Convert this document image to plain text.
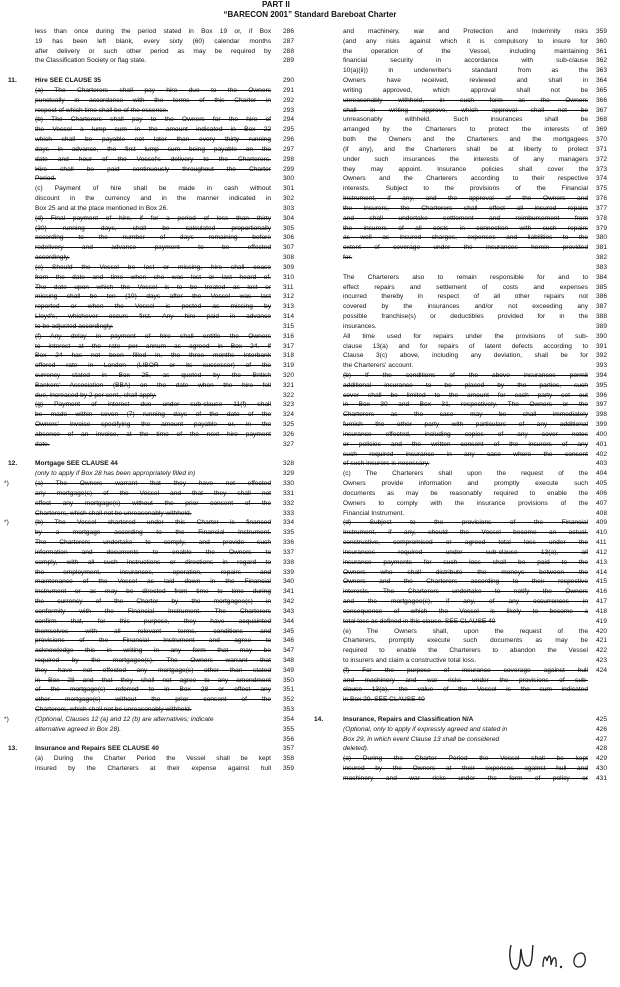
PART II
“BARECON 2001” Standard Bareboat Charter
less than once during the period stated in Box 19 or, if Box 286
19 has been left blank, every sixty (60) calendar months 287
after delivery or such other period as may be required by 288
the Classification Society or flag state.	289
11.	Hire SEE CLAUSE 35	290
(a) The Charterers shall pay hire due to the Owners 291
punctually in accordance with the terms of this Charter in 292
respect of which time shall be of the essence.	293
(b) The Charterers shall pay to the Owners for the hire of 294
the Vessel a lump sum in the amount indicated in Box 22 295
which shall be payable not later than every thirty running 296
days in advance, the first lump sum being payable on the 297
date and hour of the Vessel's delivery to the Charterers. 298
Hire shall be paid continuously throughout the Charter 299
Period.	300
(c) Payment of hire shall be made in cash without 301
discount in the currency and in the manner indicated in 302
Box 25 and at the place mentioned in Box 26.	303
(d) Final payment of hire, if for a period of less than thirty 304
(30) running days, shall be calculated proportionally 305
according to the number of days remaining before 306
redelivery and advance payment to be effected 307
accordingly.	308
(e) Should the Vessel be lost or missing, hire shall cease 309
from the date and time when she was lost or last heard of. 310
The date upon which the Vessel is to be treated as lost or 311
missing shall be ten (10) days after the Vessel was last 312
reported or when the Vessel is posted as missing by 313
Lloyd's, whichever occurs first. Any hire paid in advance 314
to be adjusted accordingly.	315
(f) Any delay in payment of hire shall entitle the Owners 316
to interest at the rate per annum as agreed in Box 24. If 317
Box 24 has not been filled in, the three months Interbank 318
offered rate in London (LIBOR or its successor) of the 319
currency stated in Box 25, as quoted by the British 320
Bankers' Association (BBA) on the date when the hire fell 321
due, increased by 2 per cent., shall apply.	322
(g) Payment of interest due under sub-clause 11(f) shall 323
be made within seven (7) running days of the date of the 324
Owners' invoice specifying the amount payable or, in the 325
absence of an invoice, at the time of the next hire payment 326
date.	327
12.	Mortgage SEE CLAUSE 44	328
(only to apply if Box 28 has been appropriately filled in)	329
*)	(a) The Owners warrant that they have not effected 330
any mortgage(s) of the Vessel and that they shall not 331
effect any mortgage(s) without the prior consent of the 332
Charterers, which shall not be unreasonably withheld.	333
*)	(b) The Vessel chartered under this Charter is financed 334
by a mortgage according to the Financial Instrument. 335
The Charterers undertake to comply, and provide such 336
information and documents to enable the Owners to 337
comply, with all such instructions or directions in regard to 338
the employment, insurances, operation, repairs and 339
maintenance of the Vessel as laid down in the Financial 340
Instrument or as may be directed from time to time during 341
the currency of the Charter by the mortgagee(s) in 342
conformity with the Financial Instrument. The Charterers 343
confirm that, for this purpose, they have acquainted 344
themselves with all relevant terms, conditions and 345
provisions of the Financial Instrument and agree to 346
acknowledge this in writing in any form that may be 347
required by the mortgagee(s). The Owners warrant that 348
they have not effected any mortgage(s) other than stated 349
in Box 28 and that they shall not agree to any amendment 350
of the mortgage(s) referred to in Box 28 or effect any 351
other mortgage(s) without the prior consent of the 352
Charterers, which shall not be unreasonably withheld.	353
*)	(Optional, Clauses 12 (a) and 12 (b) are alternatives; indicate	354
alternative agreed in Box 28).	355
356
13.	Insurance and Repairs SEE CLAUSE 40	357
(a) During the Charter Period the Vessel shall be kept 358
insured by the Charterers at their expense against hull 359
and machinery, war and Protection and Indemnity risks 359
(and any risks against which it is compulsory to insure for 360
the operation of the Vessel, including maintaining 361
financial security in accordance with sub-clause 362
10(a)(ii)) in underwriter's standard from as the 363
Owners have received, reviewed and shall in 364
writing approved, which approval shall not be 365
unreasonably withheld, in such form as the Owners 366
shall in writing approve, which approval shall not be 367
unreasonably withheld. Such insurances shall be 368
arranged by the Charterers to protect the interests of 369
both the Owners and the Charterers and the mortgagees 370
(if any), and the Charterers shall be at liberty to protect 371
under such insurances the interests of any managers 372
they may appoint. Insurance policies shall cover the 373
Owners and the Charterers according to their respective 374
interests. Subject to the provisions of the Financial 375
Instrument, if any, and the approval of the Owners and 376
the insurers, the Charterers shall effect all insured repairs 377
and shall undertake settlement and reimbursement from 378
the insurers of all costs in connection with such repairs 379
as well as insured charges, expenses and liabilities to the 380
extent of coverage under the insurances herein provided 381
for.	382
383
The Charterers also to remain responsible for and to 384
effect repairs and settlement of costs and expenses 385
incurred thereby in respect of all other repairs not 386
covered by the insurances and/or not exceeding any 387
possible franchise(s) or deductibles provided for in the 388
insurances.	389
All time used for repairs under the provisions of sub- 390
clause 13(a) and for repairs of latent defects according to 391
Clause 3(c) above, including any deviation, shall be for 392
the Charterers' account.	393
(b) If the conditions of the above insurances permit 394
additional insurance to be placed by the parties, such 395
cover shall be limited to the amount for each party set out 396
in Box 30 and Box 31, respectively. The Owners or the 397
Charterers as the case may be shall immediately 398
furnish the other party with particulars of any additional 399
insurance effected, including copies of any cover notes 400
or policies and the written consent of the insurers of any 401
such required insurance in any case where the consent 402
of such insurers is necessary.	403
(c) The Charterers shall upon the request of the 404
Owners provide information and promptly execute such 405
documents as may be reasonably required to enable the 406
Owners to comply with the insurance provisions of the 407
Financial Instrument.	408
(d) Subject to the provisions of the Financial 409
Instrument, if any, should the Vessel become an actual, 410
constructive, compromised or agreed total loss under the 411
insurances required under sub-clause 13(a), all 412
insurance payments for such loss shall be paid to the 413
Owners who shall distribute the moneys between the 414
Owners and the Charterers according to their respective 415
interests. The Charterers undertake to notify the Owners 416
and the mortgagee(s), if any, of any occurrences in 417
consequence of which the Vessel is likely to become a 418
total loss as defined in this clause. SEE CLAUSE 40	419
(e) The Owners shall, upon the request of the 420
Charterers, promptly execute such documents as may be 421
required to enable the Charterers to abandon the Vessel 422
to insurers and claim a constructive total loss.	423
(f) For the purpose of insurance coverage against hull 424
and machinery and war risks under the provisions of sub-
clause 13(a), the value of the Vessel is the sum indicated
in Box 29. SEE CLAUSE 40
14.	Insurance, Repairs and Classification N/A	425
(Optional, only to apply if expressly agreed and stated in	426
Box 29, in which event Clause 13 shall be considered	427
deleted).	428
(a) During the Charter Period the Vessel shall be kept 429
insured by the Owners at their expenses against hull and 430
machinery and war risks under the form of policy or 431
